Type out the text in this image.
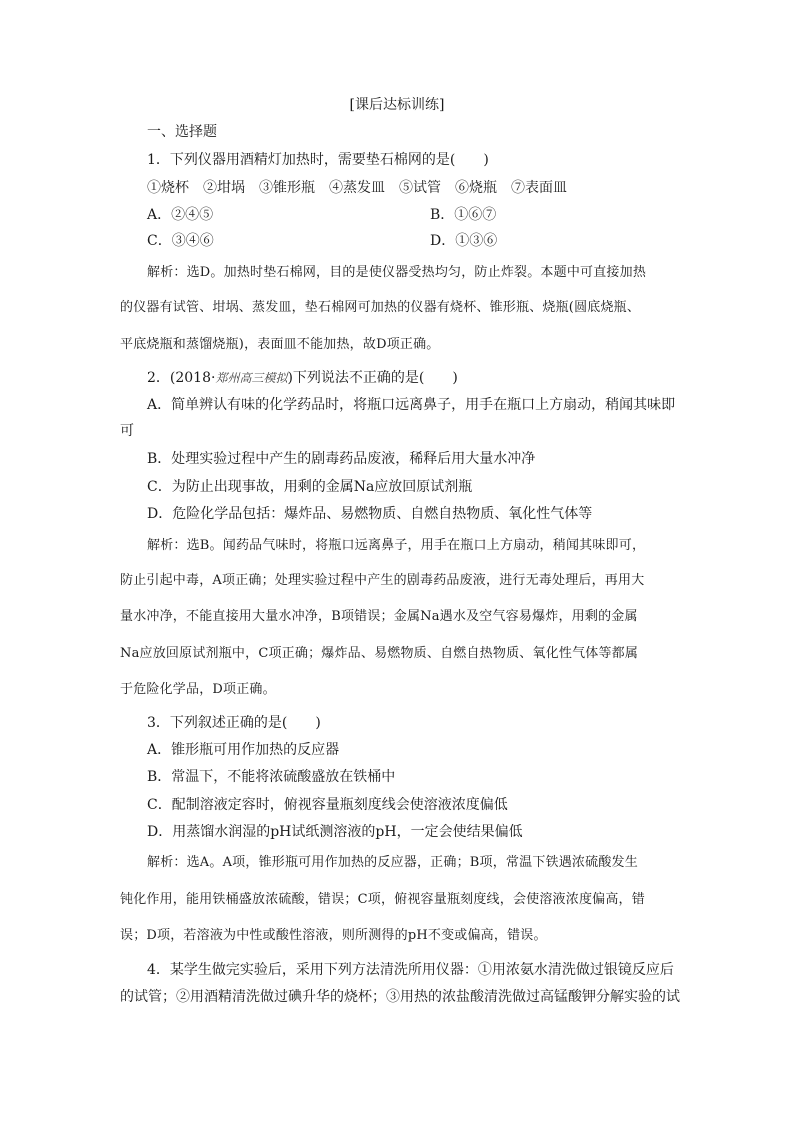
[课后达标训练]
一、选择题
1．下列仪器用酒精灯加热时，需要垫石棉网的是(　　)
①烧杯　②坩埚　③锥形瓶　④蒸发皿　⑤试管　⑥烧瓶　⑦表面皿
A．②④⑤	B．①⑥⑦
C．③④⑥	D．①③⑥
解析：选D。加热时垫石棉网，目的是使仪器受热均匀，防止炸裂。本题中可直接加热
的仪器有试管、坩埚、蒸发皿，垫石棉网可加热的仪器有烧杯、锥形瓶、烧瓶(圆底烧瓶、
平底烧瓶和蒸馏烧瓶)，表面皿不能加热，故D项正确。
2．(2018·郑州高三模拟)下列说法不正确的是(　　)
A．简单辨认有味的化学药品时，将瓶口远离鼻子，用手在瓶口上方扇动，稍闻其味即
可
B．处理实验过程中产生的剧毒药品废液，稀释后用大量水冲净
C．为防止出现事故，用剩的金属Na应放回原试剂瓶
D．危险化学品包括：爆炸品、易燃物质、自燃自热物质、氧化性气体等
解析：选B。闻药品气味时，将瓶口远离鼻子，用手在瓶口上方扇动，稍闻其味即可，
防止引起中毒，A项正确；处理实验过程中产生的剧毒药品废液，进行无毒处理后，再用大
量水冲净，不能直接用大量水冲净，B项错误；金属Na遇水及空气容易爆炸，用剩的金属
Na应放回原试剂瓶中，C项正确；爆炸品、易燃物质、自燃自热物质、氧化性气体等都属
于危险化学品，D项正确。
3．下列叙述正确的是(　　)
A．锥形瓶可用作加热的反应器
B．常温下，不能将浓硫酸盛放在铁桶中
C．配制溶液定容时，俯视容量瓶刻度线会使溶液浓度偏低
D．用蒸馏水润湿的pH试纸测溶液的pH，一定会使结果偏低
解析：选A。A项，锥形瓶可用作加热的反应器，正确；B项，常温下铁遇浓硫酸发生
钝化作用，能用铁桶盛放浓硫酸，错误；C项，俯视容量瓶刻度线，会使溶液浓度偏高，错
误；D项，若溶液为中性或酸性溶液，则所测得的pH不变或偏高，错误。
4．某学生做完实验后，采用下列方法清洗所用仪器：①用浓氨水清洗做过银镜反应后
的试管；②用酒精清洗做过碘升华的烧杯；③用热的浓盐酸清洗做过高锰酸钾分解实验的试
